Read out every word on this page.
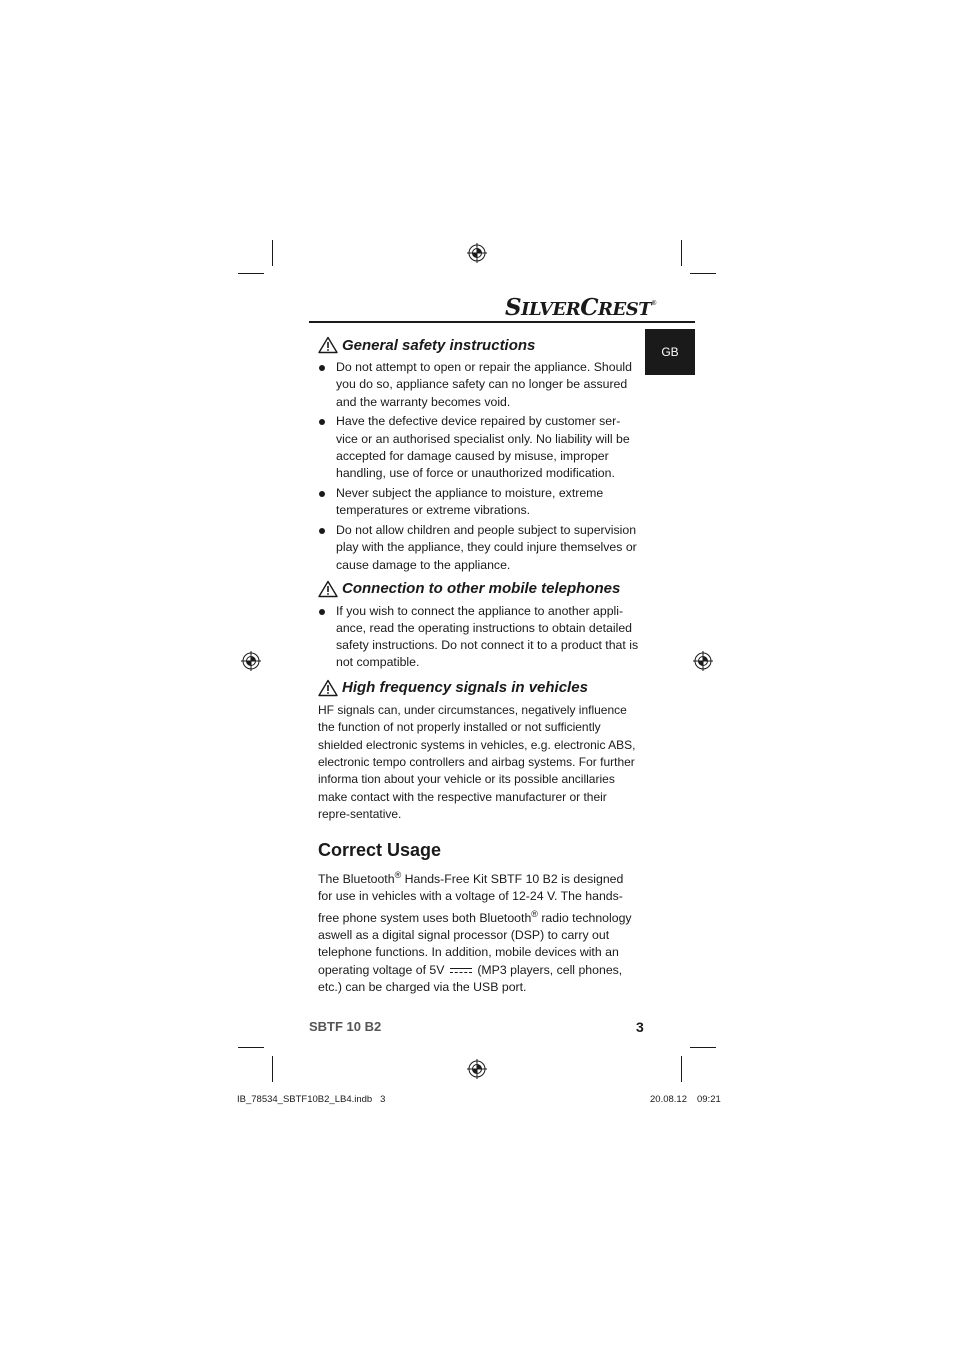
SILVERCREST®
GB
General safety instructions
Do not attempt to open or repair the appliance. Should you do so, appliance safety can no longer be assured and the warranty becomes void.
Have the defective device repaired by customer ser-vice or an authorised specialist only. No liability will be accepted for damage caused by misuse, improper handling, use of force or unauthorized modification.
Never subject the appliance to moisture, extreme temperatures or extreme vibrations.
Do not allow children and people subject to supervision play with the appliance, they could injure themselves or cause damage to the appliance.
Connection to other mobile telephones
If you wish to connect the appliance to another appli-ance, read the operating instructions to obtain detailed safety instructions. Do not connect it to a product that is not compatible.
High frequency signals in vehicles

HF signals can, under circumstances, negatively influence the function of not properly installed or not sufficiently shielded electronic systems in vehicles, e.g. electronic ABS, electronic tempo controllers and airbag systems. For further informa tion about your vehicle or its possible ancillaries make contact with the respective manufacturer or their repre-sentative.

Correct Usage

The Bluetooth® Hands-Free Kit SBTF 10 B2 is designed for use in vehicles with a voltage of 12-24 V. The hands-free phone system uses both Bluetooth® radio technology aswell as a digital signal processor (DSP) to carry out telephone functions. In addition, mobile devices with an operating voltage of 5V  (MP3 players, cell phones, etc.) can be charged via the USB port.

SBTF 10 B2	3
IB_78534_SBTF10B2_LB4.indb   3	20.08.12 09:21
